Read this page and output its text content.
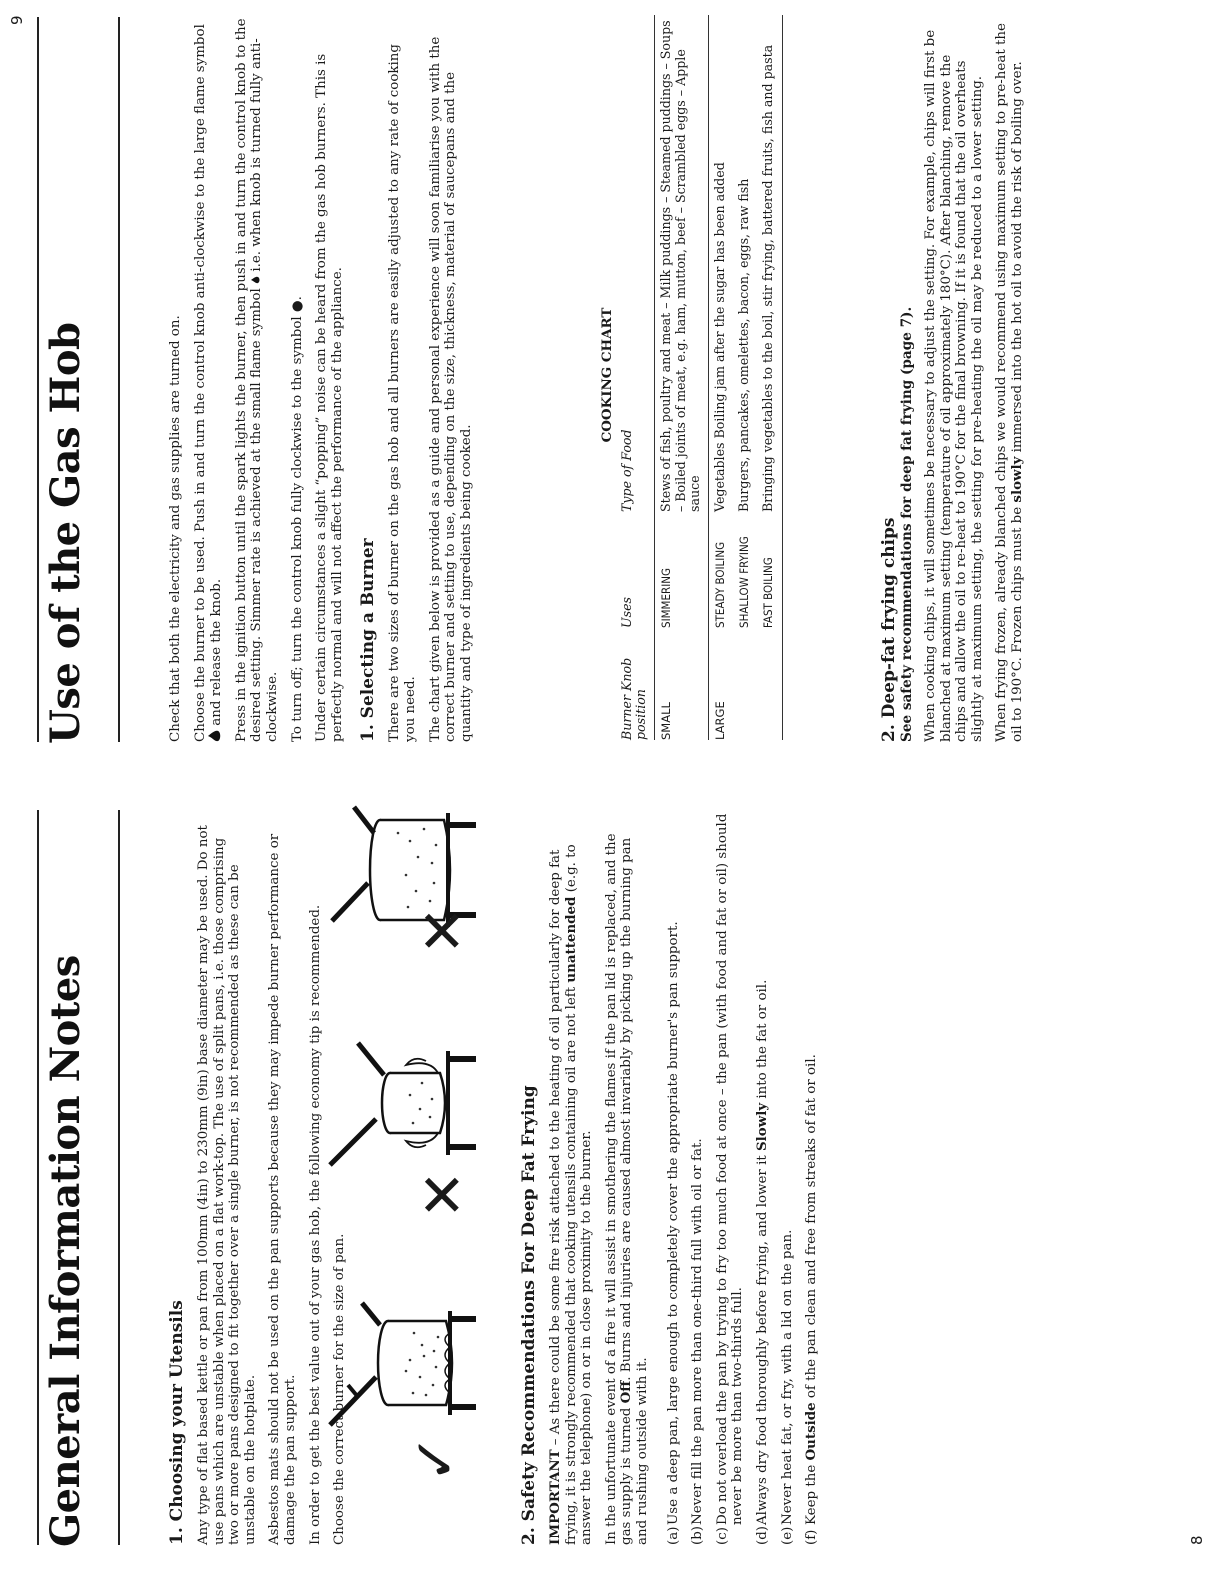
General Information Notes	1. Choosing your Utensils Any type of flat based kettle or pan from 100mm (4in) to 230mm (9in) base diameter may be used. Do not use pans which are unstable when placed on a flat work-top. The use of split pans, i.e. those comprising two or more pans designed to fit together over a single burner, is not recommended as these can be unstable on the hotplate. Asbestos mats should not be used on the pan supports because they may impede burner performance or damage the pan support. In order to get the best value out of your gas hob, the following economy tip is recommended. Choose the correct burner for the size of pan. ✓
✕
✕

2. Safety Recommendations For Deep Fat Frying IMPORTANT – As there could be some fire risk attached to the heating of oil particularly for deep fat frying, it is strongly recommended that cooking utensils containing oil are not left unattended (e.g. to answer the telephone) on or in close proximity to the burner. In the unfortunate event of a fire it will assist in smothering the flames if the pan lid is replaced, and the gas supply is turned Off. Burns and injuries are caused almost invariably by picking up the burning pan and rushing outside with it. (a)
Use a deep pan, large enough to completely cover the appropriate burner's pan support.
(b)
Never fill the pan more than one-third full with oil or fat.
(c)
Do not overload the pan by trying to fry too much food at once – the pan (with food and fat or oil) should never be more than two-thirds full.
(d)
Always dry food thoroughly before frying, and lower it Slowly into the fat or oil.
(e)
Never heat fat, or fry, with a lid on the pan.
(f)
Keep the Outside of the pan clean and free from streaks of fat or oil.
8
Use of the Gas Hob	Check that both the electricity and gas supplies are turned on. Choose the burner to be used. Push in and turn the control knob anti-clockwise to the large flame symbol  and release the knob. Press in the ignition button until the spark lights the burner, then push in and turn the control knob to the desired setting. Simmer rate is achieved at the small flame symbol  i.e. when knob is turned fully anti-clockwise. To turn off; turn the control knob fully clockwise to the symbol ●. Under certain circumstances a slight “popping” noise can be heard from the gas hob burners. This is perfectly normal and will not affect the performance of the appliance. 1. Selecting a Burner There are two sizes of burner on the gas hob and all burners are easily adjusted to any rate of cooking you need. The chart given below is provided as a guide and personal experience will soon familiarise you with the correct burner and setting to use, depending on the size, thickness, material of saucepans and the quantity and type of ingredients being cooked.

COOKING CHART
Burner Knob position	Uses	Type of Food
SMALL	SIMMERING	Stews of fish, poultry and meat – Milk puddings – Steamed puddings – Soups – Boiled joints of meat, e.g. ham, mutton, beef – Scrambled eggs – Apple sauce
LARGE	STEADY BOILING	Vegetables Boiling jam after the sugar has been added
	SHALLOW FRYING	Burgers, pancakes, omelettes, bacon, eggs, raw fish
	FAST BOILING	Bringing vegetables to the boil, stir frying, battered fruits, fish and pasta

2. Deep-fat frying chips See safety recommendations for deep fat frying (page 7). When cooking chips, it will sometimes be necessary to adjust the setting. For example, chips will first be blanched at maximum setting (temperature of oil approximately 180°C). After blanching, remove the chips and allow the oil to re-heat to 190°C for the final browning. If it is found that the oil overheats slightly at maximum setting, the setting for pre-heating the oil may be reduced to a lower setting. When frying frozen, already blanched chips we would recommend using maximum setting to pre-heat the oil to 190°C. Frozen chips must be slowly immersed into the hot oil to avoid the risk of boiling over.

9
